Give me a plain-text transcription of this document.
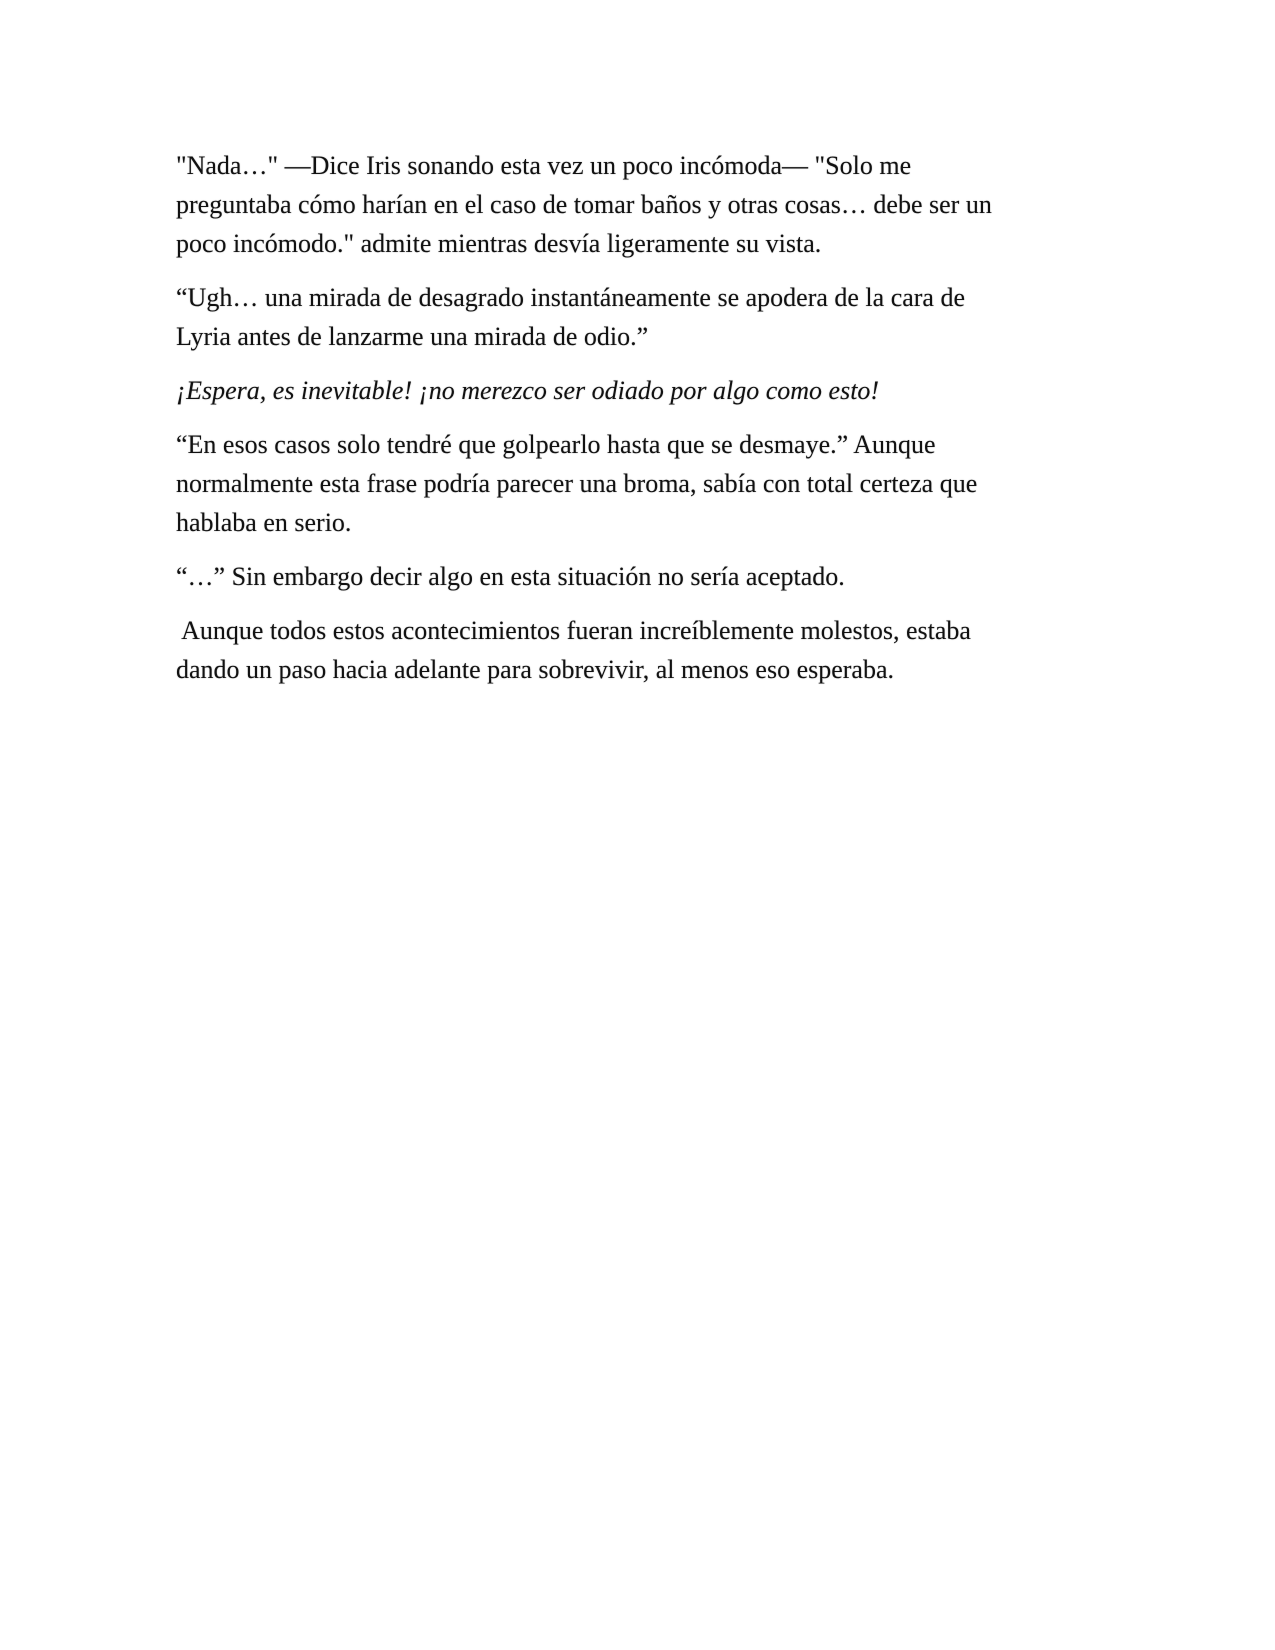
"Nada…" —Dice Iris sonando esta vez un poco incómoda— "Solo me
preguntaba cómo harían en el caso de tomar baños y otras cosas… debe ser un
poco incómodo." admite mientras desvía ligeramente su vista.

“Ugh… una mirada de desagrado instantáneamente se apodera de la cara de
Lyria antes de lanzarme una mirada de odio.”

¡Espera, es inevitable! ¡no merezco ser odiado por algo como esto!

“En esos casos solo tendré que golpearlo hasta que se desmaye.” Aunque
normalmente esta frase podría parecer una broma, sabía con total certeza que
hablaba en serio.

“…” Sin embargo decir algo en esta situación no sería aceptado.

Aunque todos estos acontecimientos fueran increíblemente molestos, estaba
dando un paso hacia adelante para sobrevivir, al menos eso esperaba.
